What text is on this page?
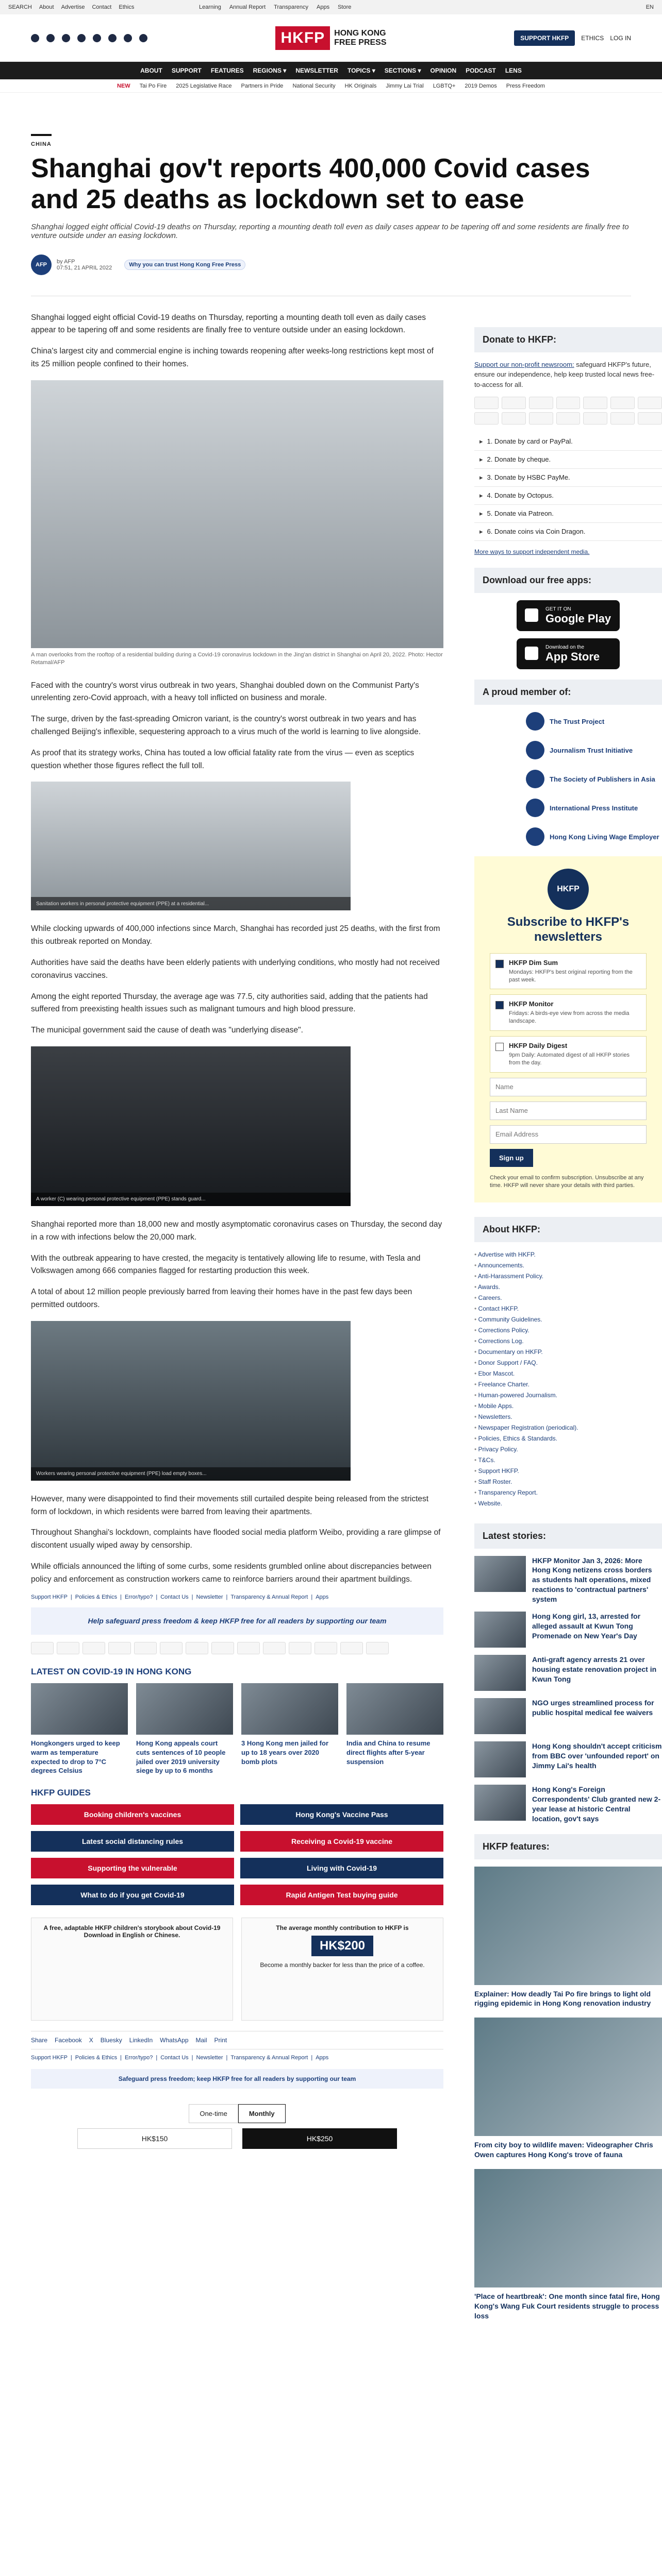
SEARCH About Advertise Contact Ethics	Learning Annual Report Transparency Apps Store	EN
HKFP	HONG KONG
FREE PRESS	SUPPORT HKFP	ETHICS LOG IN
ABOUT SUPPORT FEATURES REGIONS ▾ NEWSLETTER TOPICS ▾ SECTIONS ▾ OPINION PODCAST LENS
NEW Tai Po Fire 2025 Legislative Race Partners in Pride National Security HK Originals Jimmy Lai Trial LGBTQ+ 2019 Demos Press Freedom
CHINA
Shanghai gov't reports 400,000 Covid cases and 25 deaths as lockdown set to ease

Shanghai logged eight official Covid-19 deaths on Thursday, reporting a mounting death toll even as daily cases appear to be tapering off and some residents are finally free to venture outside under an easing lockdown.

AFP	by AFP
07:51, 21 APRIL 2022	Why you can trust Hong Kong Free Press

Shanghai logged eight official Covid-19 deaths on Thursday, reporting a mounting death toll even as daily cases appear to be tapering off and some residents are finally free to venture outside under an easing lockdown.

China's largest city and commercial engine is inching towards reopening after weeks-long restrictions kept most of its 25 million people confined to their homes.

A man overlooks from the rooftop of a residential building during a Covid-19 coronavirus lockdown in the Jing'an district in Shanghai on April 20, 2022. Photo: Hector Retamal/AFP

Faced with the country's worst virus outbreak in two years, Shanghai doubled down on the Communist Party's unrelenting zero-Covid approach, with a heavy toll inflicted on business and morale.

The surge, driven by the fast-spreading Omicron variant, is the country's worst outbreak in two years and has challenged Beijing's inflexible, sequestering approach to a virus much of the world is learning to live alongside.

As proof that its strategy works, China has touted a low official fatality rate from the virus — even as sceptics question whether those figures reflect the full toll.

Sanitation workers in personal protective equipment (PPE) at a residential...

While clocking upwards of 400,000 infections since March, Shanghai has recorded just 25 deaths, with the first from this outbreak reported on Monday.

Authorities have said the deaths have been elderly patients with underlying conditions, who mostly had not received coronavirus vaccines.

Among the eight reported Thursday, the average age was 77.5, city authorities said, adding that the patients had suffered from preexisting health issues such as malignant tumours and high blood pressure.

The municipal government said the cause of death was "underlying disease".

A worker (C) wearing personal protective equipment (PPE) stands guard...

Shanghai reported more than 18,000 new and mostly asymptomatic coronavirus cases on Thursday, the second day in a row with infections below the 20,000 mark.

With the outbreak appearing to have crested, the megacity is tentatively allowing life to resume, with Tesla and Volkswagen among 666 companies flagged for restarting production this week.

A total of about 12 million people previously barred from leaving their homes have in the past few days been permitted outdoors.

Workers wearing personal protective equipment (PPE) load empty boxes...

However, many were disappointed to find their movements still curtailed despite being released from the strictest form of lockdown, in which residents were barred from leaving their apartments.

Throughout Shanghai's lockdown, complaints have flooded social media platform Weibo, providing a rare glimpse of discontent usually wiped away by censorship.

While officials announced the lifting of some curbs, some residents grumbled online about discrepancies between policy and enforcement as construction workers came to reinforce barriers around their apartment buildings.

Support HKFP | Policies & Ethics | Error/typo? | Contact Us | Newsletter | Transparency & Annual Report | Apps
Help safeguard press freedom & keep HKFP free for all readers by supporting our team
LATEST ON COVID-19 IN HONG KONG
Hongkongers urged to keep warm as temperature expected to drop to 7°C degrees Celsius
Hong Kong appeals court cuts sentences of 10 people jailed over 2019 university siege by up to 6 months
3 Hong Kong men jailed for up to 18 years over 2020 bomb plots
India and China to resume direct flights after 5-year suspension
HKFP GUIDES
Booking children's vaccines	Hong Kong's Vaccine Pass
Latest social distancing rules	Receiving a Covid-19 vaccine
Supporting the vulnerable	Living with Covid-19
What to do if you get Covid-19	Rapid Antigen Test buying guide
A free, adaptable HKFP children's storybook about Covid-19 Download in English or Chinese.
The average monthly contribution to HKFP is
HK$200
Become a monthly backer for less than the price of a coffee.
Share Facebook X Bluesky LinkedIn WhatsApp Mail Print
Support HKFP | Policies & Ethics | Error/typo? | Contact Us | Newsletter | Transparency & Annual Report | Apps
Safeguard press freedom; keep HKFP free for all readers by supporting our team
One-time	Monthly
HK$150	HK$250
Donate to HKFP:

Support our non-profit newsroom: safeguard HKFP's future, ensure our independence, help keep trusted local news free-to-access for all.

▸ 1. Donate by card or PayPal.
▸ 2. Donate by cheque.
▸ 3. Donate by HSBC PayMe.
▸ 4. Donate by Octopus.
▸ 5. Donate via Patreon.
▸ 6. Donate coins via Coin Dragon.
More ways to support independent media.
Download our free apps:
GET IT ON
Google Play
Download on the
App Store
A proud member of:
The Trust Project
Journalism Trust Initiative
The Society of Publishers in Asia
International Press Institute
Hong Kong Living Wage Employer
HKFP
Subscribe to HKFP's newsletters
HKFP Dim Sum
Mondays: HKFP's best original reporting from the past week.
HKFP Monitor
Fridays: A birds-eye view from across the media landscape.
HKFP Daily Digest
9pm Daily: Automated digest of all HKFP stories from the day.
Name Last Name Email Address Sign up

Check your email to confirm subscription. Unsubscribe at any time. HKFP will never share your details with third parties.

About HKFP:
• Advertise with HKFP.
• Announcements.
• Anti-Harassment Policy.
• Awards.
• Careers.
• Contact HKFP.
• Community Guidelines.
• Corrections Policy.
• Corrections Log.
• Documentary on HKFP.
• Donor Support / FAQ.
• Ebor Mascot.
• Freelance Charter.
• Human-powered Journalism.
• Mobile Apps.
• Newsletters.
• Newspaper Registration (periodical).
• Policies, Ethics & Standards.
• Privacy Policy.
• T&Cs.
• Support HKFP.
• Staff Roster.
• Transparency Report.
• Website.
Latest stories:
HKFP Monitor Jan 3, 2026: More Hong Kong netizens cross borders as students halt operations, mixed reactions to 'contractual partners' system
Hong Kong girl, 13, arrested for alleged assault at Kwun Tong Promenade on New Year's Day
Anti-graft agency arrests 21 over housing estate renovation project in Kwun Tong
NGO urges streamlined process for public hospital medical fee waivers
Hong Kong shouldn't accept criticism from BBC over 'unfounded report' on Jimmy Lai's health
Hong Kong's Foreign Correspondents' Club granted new 2-year lease at historic Central location, gov't says
HKFP features:
Explainer: How deadly Tai Po fire brings to light old rigging epidemic in Hong Kong renovation industry
From city boy to wildlife maven: Videographer Chris Owen captures Hong Kong's trove of fauna
'Place of heartbreak': One month since fatal fire, Hong Kong's Wang Fuk Court residents struggle to process loss
